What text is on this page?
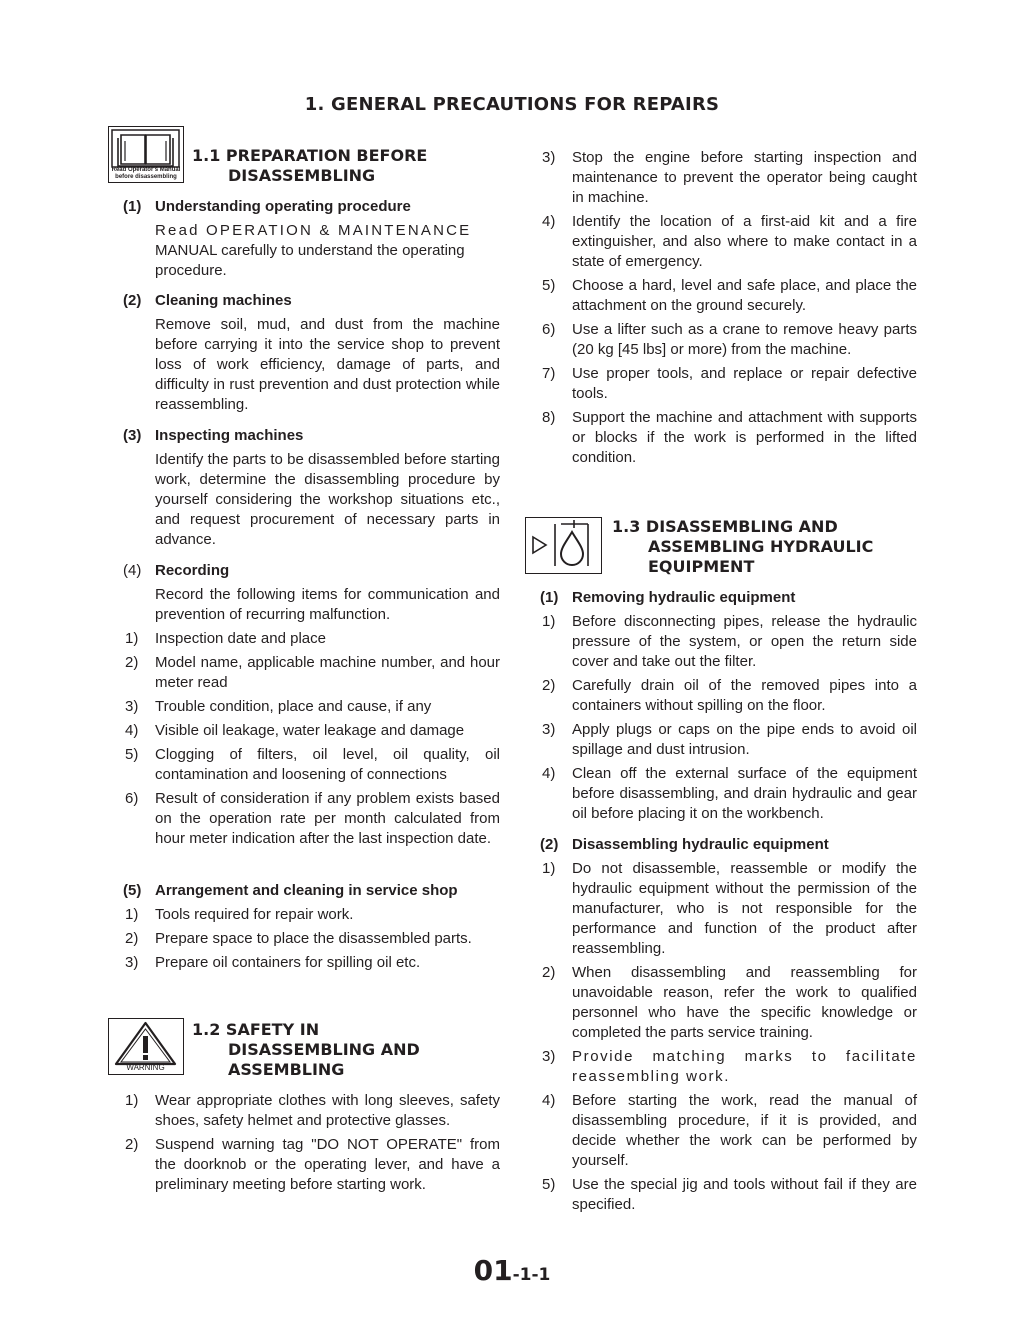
1. GENERAL PRECAUTIONS FOR REPAIRS
Read Operator's Manual before disassembling
1.1 PREPARATION BEFORE
DISASSEMBLING
(1) Understanding operating procedure
Read OPERATION & MAINTENANCE
MANUAL carefully to understand the operating procedure.
(2) Cleaning machines
Remove soil, mud, and dust from the machine before carrying it into the service shop to prevent loss of work efficiency, damage of parts, and difficulty in rust prevention and dust protection while reassembling.
(3) Inspecting machines
Identify the parts to be disassembled before starting work, determine the disassembling procedure by yourself considering the workshop situations etc., and request procurement of necessary parts in advance.
(4) Recording
Record the following items for communication and prevention of recurring malfunction.
1)	Inspection date and place
2)	Model name, applicable machine number, and hour meter read
3)	Trouble condition, place and cause, if any
4)	Visible oil leakage, water leakage and damage
5)	Clogging of filters, oil level, oil quality, oil contamination and loosening of connections
6)	Result of consideration if any problem exists based on the operation rate per month calculated from hour meter indication after the last inspection date.
(5) Arrangement and cleaning in service shop
1)	Tools required for repair work.
2)	Prepare space to place the disassembled parts.
3)	Prepare oil containers for spilling oil etc.
WARNING
1.2 SAFETY IN
DISASSEMBLING AND
ASSEMBLING
1)	Wear appropriate clothes with long sleeves, safety shoes, safety helmet and protective glasses.
2)	Suspend warning tag "DO NOT OPERATE" from the doorknob or the operating lever, and have a preliminary meeting before starting work.
3)	Stop the engine before starting inspection and maintenance to prevent the operator being caught in machine.
4)	Identify the location of a first-aid kit and a fire extinguisher, and also where to make contact in a state of emergency.
5)	Choose a hard, level and safe place, and place the attachment on the ground securely.
6)	Use a lifter such as a crane to remove heavy parts (20 kg [45 lbs] or more) from the machine.
7)	Use proper tools, and replace or repair defective tools.
8)	Support the machine and attachment with supports or blocks if the work is performed in the lifted condition.
1.3 DISASSEMBLING AND
ASSEMBLING HYDRAULIC
EQUIPMENT
(1) Removing hydraulic equipment
1)	Before disconnecting pipes, release the hydraulic pressure of the system, or open the return side cover and take out the filter.
2)	Carefully drain oil of the removed pipes into a containers without spilling on the floor.
3)	Apply plugs or caps on the pipe ends to avoid oil spillage and dust intrusion.
4)	Clean off the external surface of the equipment before disassembling, and drain hydraulic and gear oil before placing it on the workbench.
(2) Disassembling hydraulic equipment
1)	Do not disassemble, reassemble or modify the hydraulic equipment without the permission of the manufacturer, who is not responsible for the performance and function of the product after reassembling.
2)	When disassembling and reassembling for unavoidable reason, refer the work to qualified personnel who have the specific knowledge or completed the parts service training.
3)	Provide matching marks to facilitate reassembling work.
4)	Before starting the work, read the manual of disassembling procedure, if it is provided, and decide whether the work can be performed by yourself.
5)	Use the special jig and tools without fail if they are specified.
01-1-1
